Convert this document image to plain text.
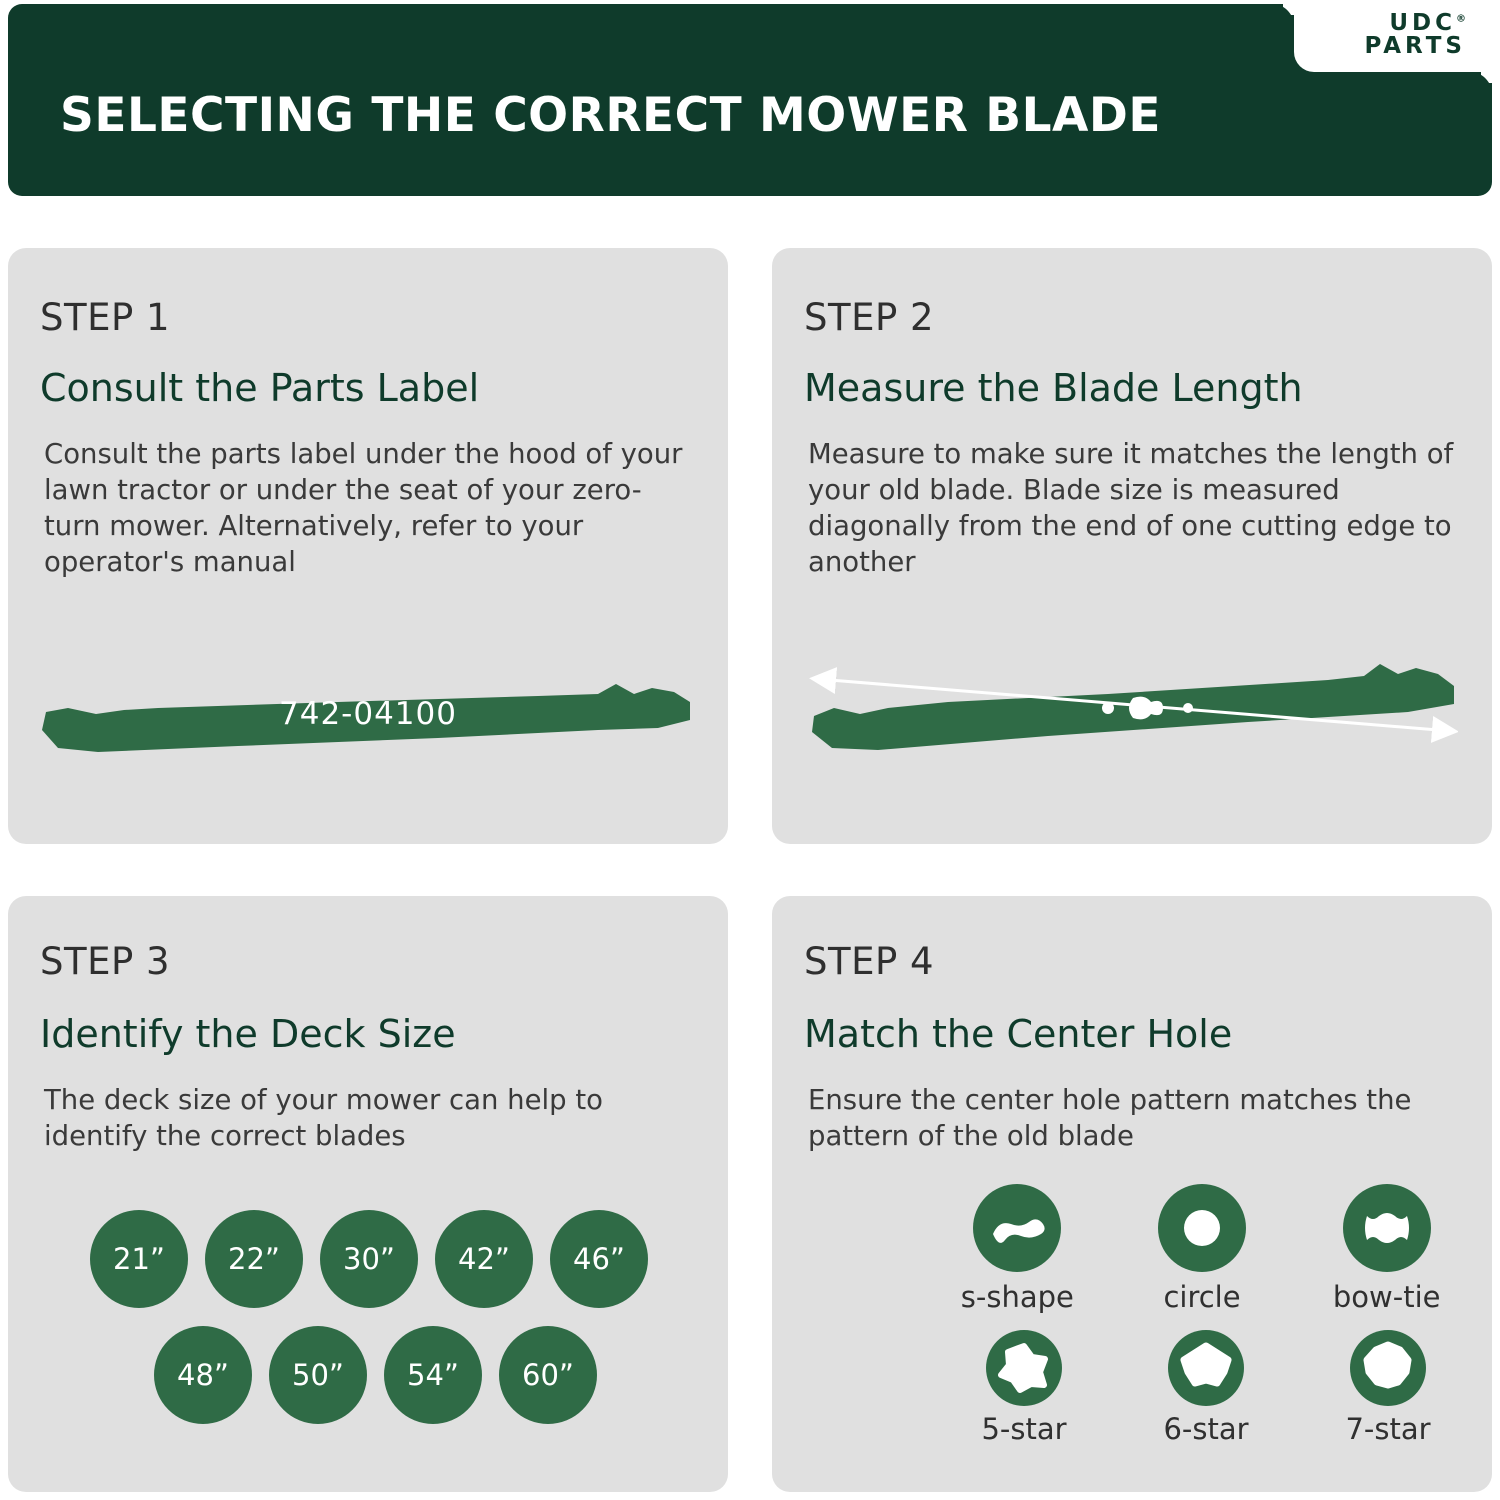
SELECTING THE CORRECT MOWER BLADE
UDC®
PARTS
STEP 1
Consult the Parts Label
Consult the parts label under the hood of your lawn tractor or under the seat of your zero-turn mower. Alternatively, refer to your operator's manual
742-04100
STEP 2
Measure the Blade Length
Measure to make sure it matches the length of your old blade. Blade size is measured diagonally from the end of one cutting edge to another
STEP 3
Identify the Deck Size
The deck size of your mower can help to identify the correct blades
21”	22”	30”	42”	46”
48”	50”	54”	60”
STEP 4
Match the Center Hole
Ensure the center hole pattern matches the pattern of the old blade
s-shape	circle	bow-tie
5-star	6-star	7-star
